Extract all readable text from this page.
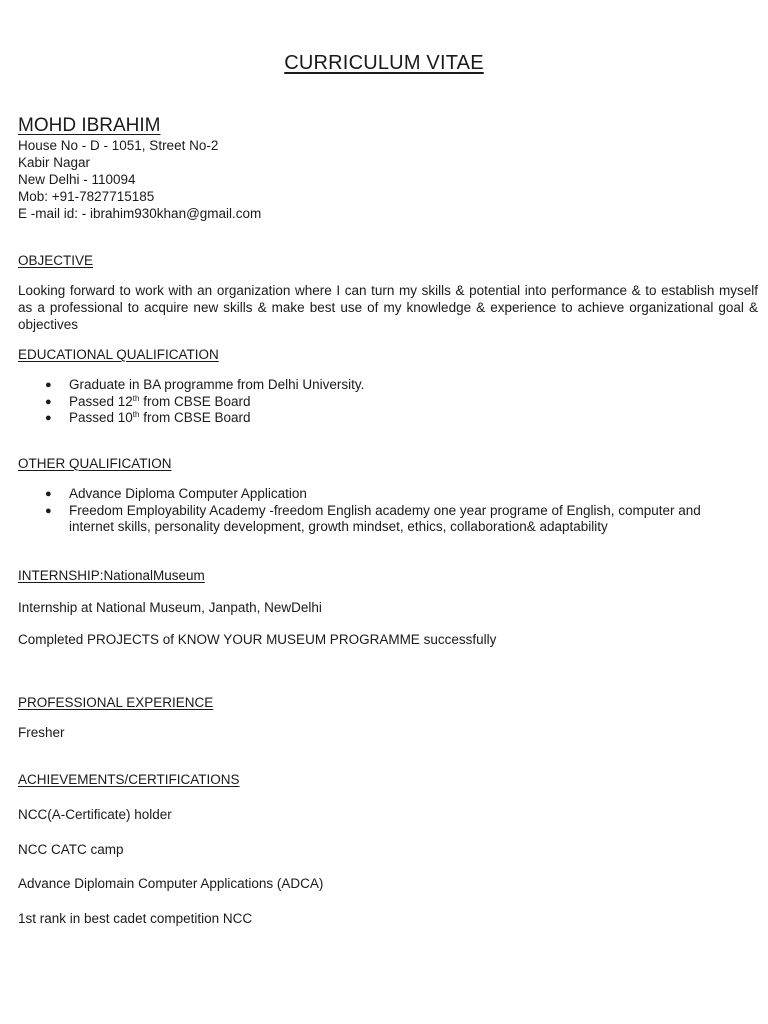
CURRICULUM VITAE
MOHD IBRAHIM
House No - D - 1051, Street No-2
Kabir Nagar
New Delhi - 110094
Mob: +91-7827715185
E -mail id: - ibrahim930khan@gmail.com
OBJECTIVE
Looking forward to work with an organization where I can turn my skills & potential into performance & to establish myself as a professional to acquire new skills & make best use of my knowledge & experience to achieve organizational goal & objectives
EDUCATIONAL QUALIFICATION
● Graduate in BA programme from Delhi University.
● Passed 12th from CBSE Board
● Passed 10th from CBSE Board
OTHER QUALIFICATION
● Advance Diploma Computer Application
● Freedom Employability Academy -freedom English academy one year programe of English, computer and internet skills, personality development, growth mindset, ethics, collaboration& adaptability
INTERNSHIP:NationalMuseum
Internship at National Museum, Janpath, NewDelhi
Completed PROJECTS of KNOW YOUR MUSEUM PROGRAMME successfully
PROFESSIONAL EXPERIENCE
Fresher
ACHIEVEMENTS/CERTIFICATIONS
NCC(A-Certificate) holder
NCC CATC camp
Advance Diplomain Computer Applications (ADCA)
1st rank in best cadet competition NCC
